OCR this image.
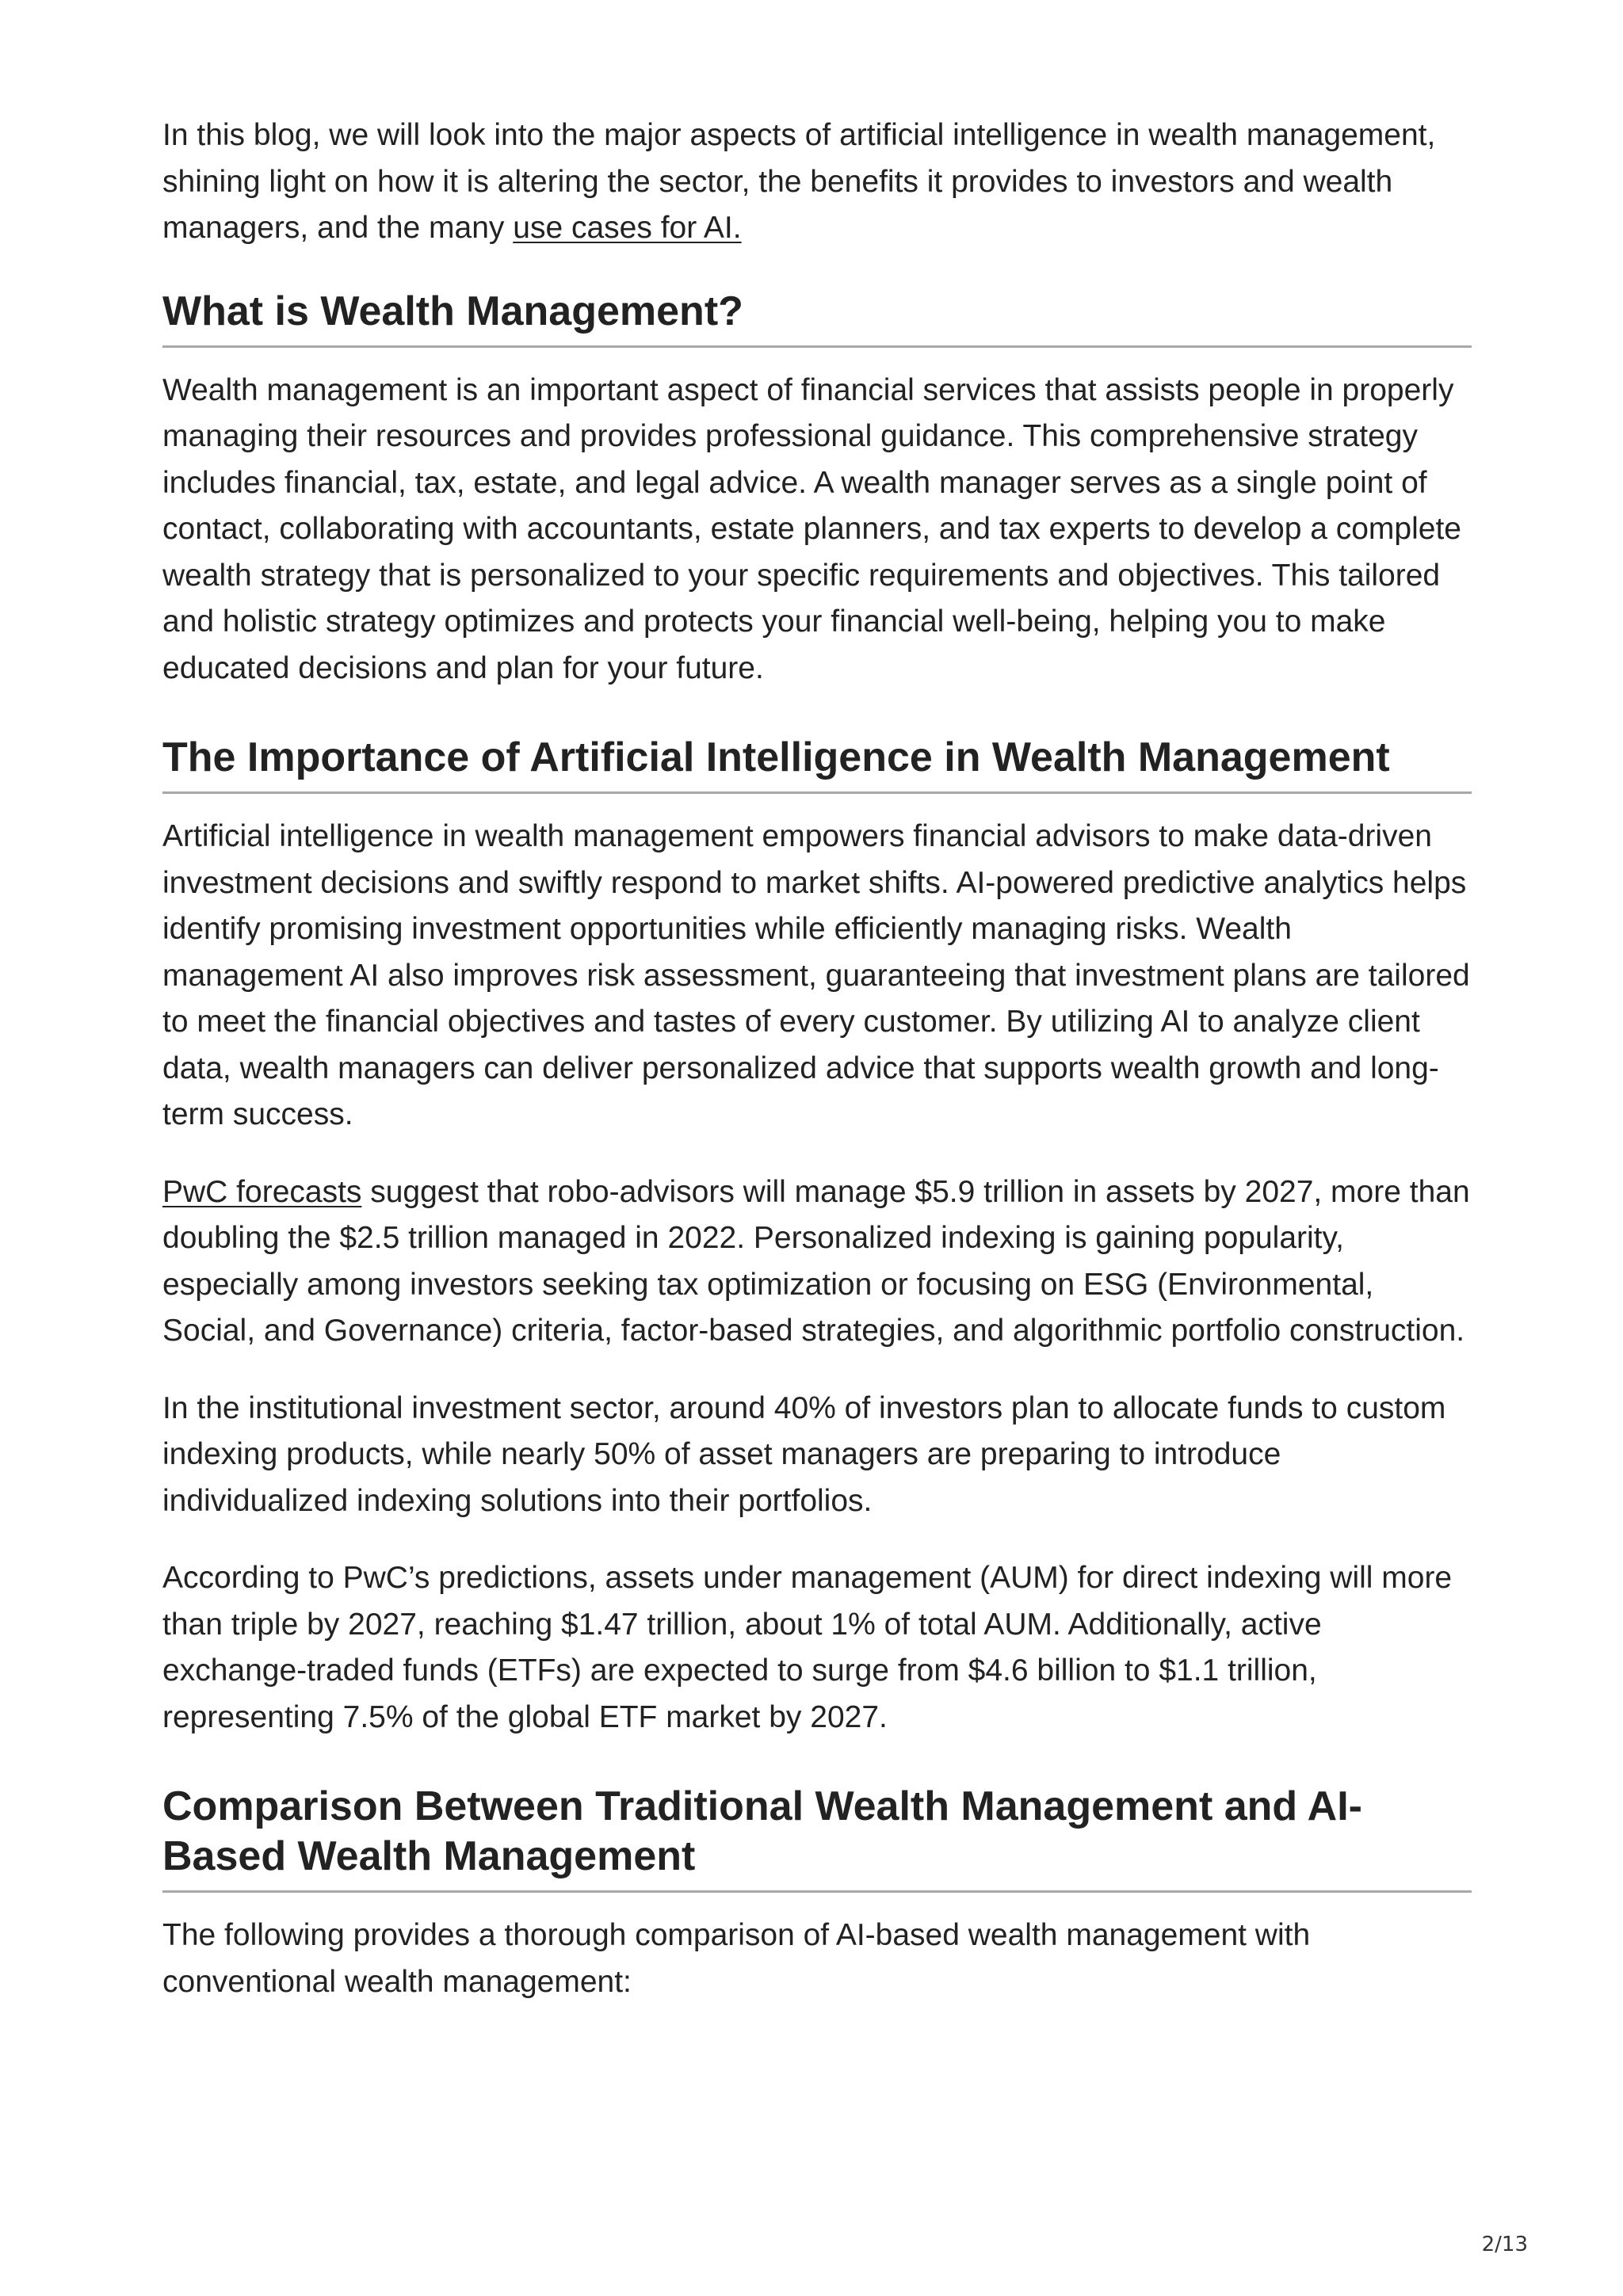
In this blog, we will look into the major aspects of artificial intelligence in wealth management, shining light on how it is altering the sector, the benefits it provides to investors and wealth managers, and the many use cases for AI.

What is Wealth Management?

Wealth management is an important aspect of financial services that assists people in properly managing their resources and provides professional guidance. This comprehensive strategy includes financial, tax, estate, and legal advice. A wealth manager serves as a single point of contact, collaborating with accountants, estate planners, and tax experts to develop a complete wealth strategy that is personalized to your specific requirements and objectives. This tailored and holistic strategy optimizes and protects your financial well-being, helping you to make educated decisions and plan for your future.

The Importance of Artificial Intelligence in Wealth Management

Artificial intelligence in wealth management empowers financial advisors to make data-driven investment decisions and swiftly respond to market shifts. AI-powered predictive analytics helps identify promising investment opportunities while efficiently managing risks. Wealth management AI also improves risk assessment, guaranteeing that investment plans are tailored to meet the financial objectives and tastes of every customer. By utilizing AI to analyze client data, wealth managers can deliver personalized advice that supports wealth growth and long-term success.

PwC forecasts suggest that robo-advisors will manage $5.9 trillion in assets by 2027, more than doubling the $2.5 trillion managed in 2022. Personalized indexing is gaining popularity, especially among investors seeking tax optimization or focusing on ESG (Environmental, Social, and Governance) criteria, factor-based strategies, and algorithmic portfolio construction.

In the institutional investment sector, around 40% of investors plan to allocate funds to custom indexing products, while nearly 50% of asset managers are preparing to introduce individualized indexing solutions into their portfolios.

According to PwC’s predictions, assets under management (AUM) for direct indexing will more than triple by 2027, reaching $1.47 trillion, about 1% of total AUM. Additionally, active exchange-traded funds (ETFs) are expected to surge from $4.6 billion to $1.1 trillion, representing 7.5% of the global ETF market by 2027.

Comparison Between Traditional Wealth Management and AI-Based Wealth Management

The following provides a thorough comparison of AI-based wealth management with conventional wealth management:

2/13
